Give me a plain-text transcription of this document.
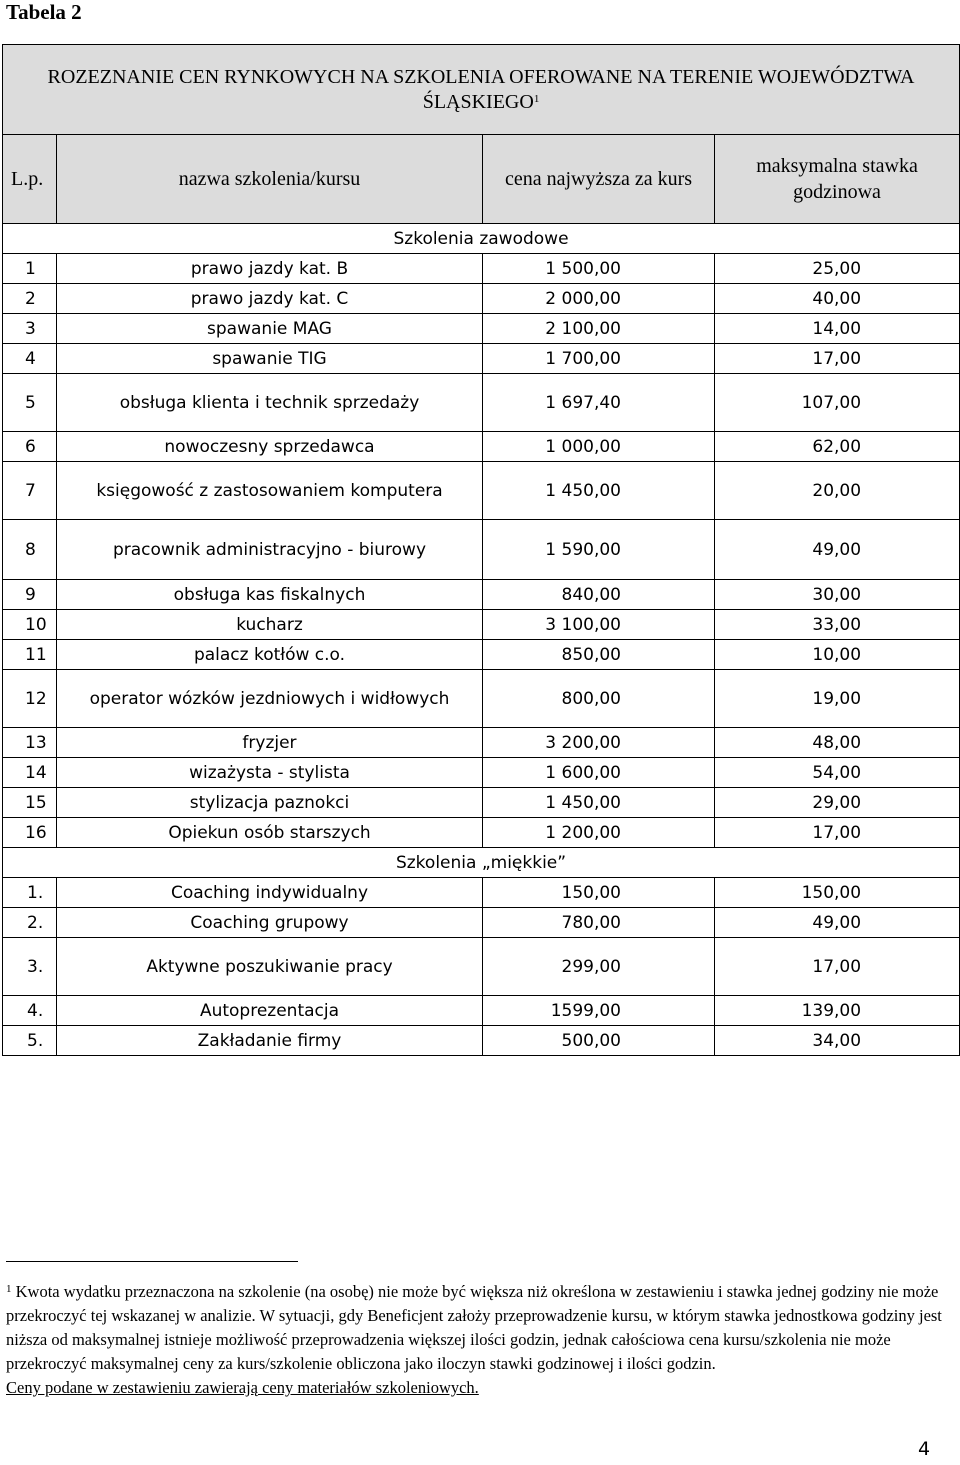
Tabela 2
ROZEZNANIE CEN RYNKOWYCH NA SZKOLENIA OFEROWANE NA TERENIE WOJEWÓDZTWA ŚLĄSKIEGO$^1$
L.p.	nazwa szkolenia/kursu	cena najwyższa za kurs	maksymalna stawka godzinowa
Szkolenia zawodowe			
1	prawo jazdy kat. B	1 500,00	25,00
2	prawo jazdy kat. C	2 000,00	40,00
3	spawanie MAG	2 100,00	14,00
4	spawanie TIG	1 700,00	17,00
5	obsługa klienta i technik sprzedaży	1 697,40	107,00
6	nowoczesny sprzedawca	1 000,00	62,00
7	księgowość z zastosowaniem komputera	1 450,00	20,00
8	pracownik administracyjno - biurowy	1 590,00	49,00
9	obsługa kas fiskalnych	840,00	30,00
10	kucharz	3 100,00	33,00
11	palacz kotłów c.o.	850,00	10,00
12	operator wózków jezdniowych i widłowych	800,00	19,00
13	fryzjer	3 200,00	48,00
14	wizażysta - stylista	1 600,00	54,00
15	stylizacja paznokci	1 450,00	29,00
16	Opiekun osób starszych	1 200,00	17,00
Szkolenia „miękkie”			
1.	Coaching indywidualny	150,00	150,00
2.	Coaching grupowy	780,00	49,00
3.	Aktywne poszukiwanie pracy	299,00	17,00
4.	Autoprezentacja	1599,00	139,00
5.	Zakładanie firmy	500,00	34,00
$^1$ Kwota wydatku przeznaczona na szkolenie (na osobę) nie może być większa niż określona w zestawieniu i stawka jednej godziny nie może przekroczyć tej wskazanej w analizie. W sytuacji, gdy Beneficjent założy przeprowadzenie kursu, w którym stawka jednostkowa godziny jest niższa od maksymalnej istnieje możliwość przeprowadzenia większej ilości godzin, jednak całościowa cena kursu/szkolenia nie może przekroczyć maksymalnej ceny za kurs/szkolenie obliczona jako iloczyn stawki godzinowej i ilości godzin.
Ceny podane w zestawieniu zawierają ceny materiałów szkoleniowych.
4
